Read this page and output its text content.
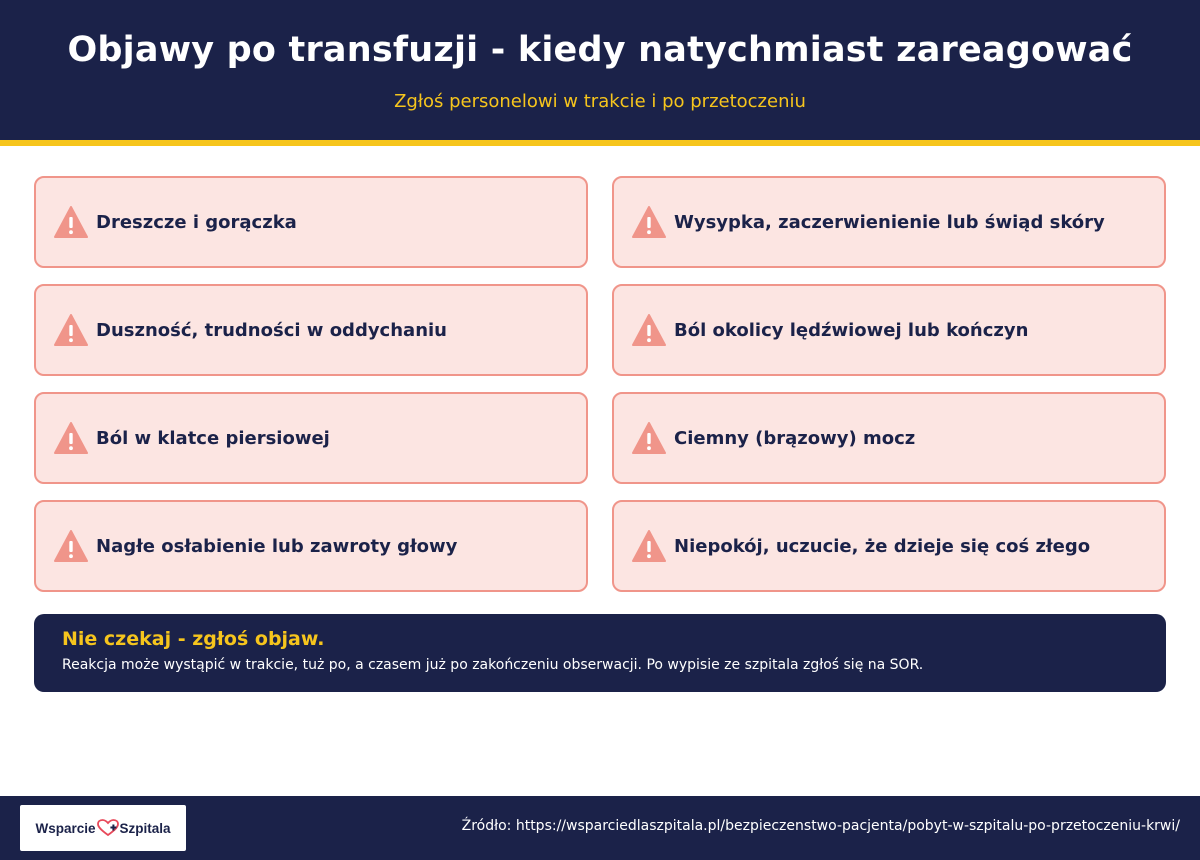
Objawy po transfuzji - kiedy natychmiast zareagować
Zgłoś personelowi w trakcie i po przetoczeniu
Dreszcze i gorączka	Wysypka, zaczerwienienie lub świąd skóry
Duszność, trudności w oddychaniu	Ból okolicy lędźwiowej lub kończyn
Ból w klatce piersiowej	Ciemny (brązowy) mocz
Nagłe osłabienie lub zawroty głowy	Niepokój, uczucie, że dzieje się coś złego
Nie czekaj - zgłoś objaw.
Reakcja może wystąpić w trakcie, tuż po, a czasem już po zakończeniu obserwacji. Po wypisie ze szpitala zgłoś się na SOR.
Wsparcie Szpitala	Źródło: https://wsparciedlaszpitala.pl/bezpieczenstwo-pacjenta/pobyt-w-szpitalu-po-przetoczeniu-krwi/
